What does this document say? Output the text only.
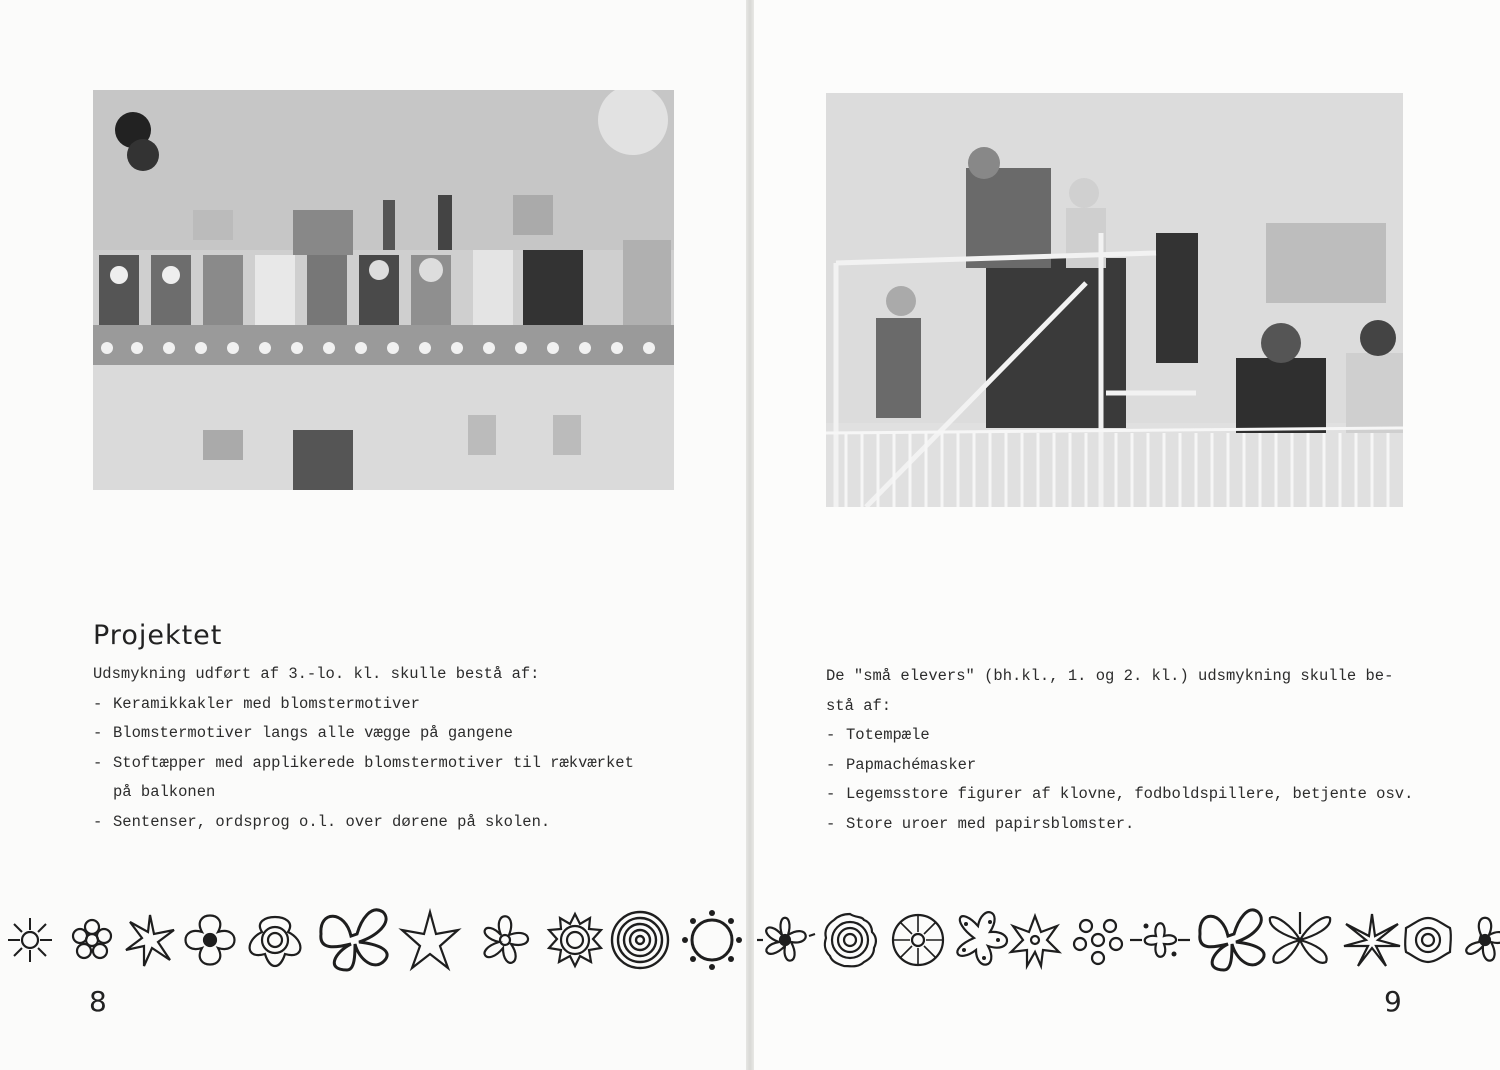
Projektet

Udsmykning udført af 3.-lo. kl. skulle bestå af:

- Keramikkakler med blomstermotiver
- Blomstermotiver langs alle vægge på gangene
- Stoftæpper med applikerede blomstermotiver til rækværket
på balkonen
- Sentenser, ordsprog o.l. over dørene på skolen.

De "små elevers" (bh.kl., 1. og 2. kl.) udsmykning skulle be-

stå af:

- Totempæle
- Papmachémasker
- Legemsstore figurer af klovne, fodboldspillere, betjente osv.
- Store uroer med papirsblomster.
8	9
